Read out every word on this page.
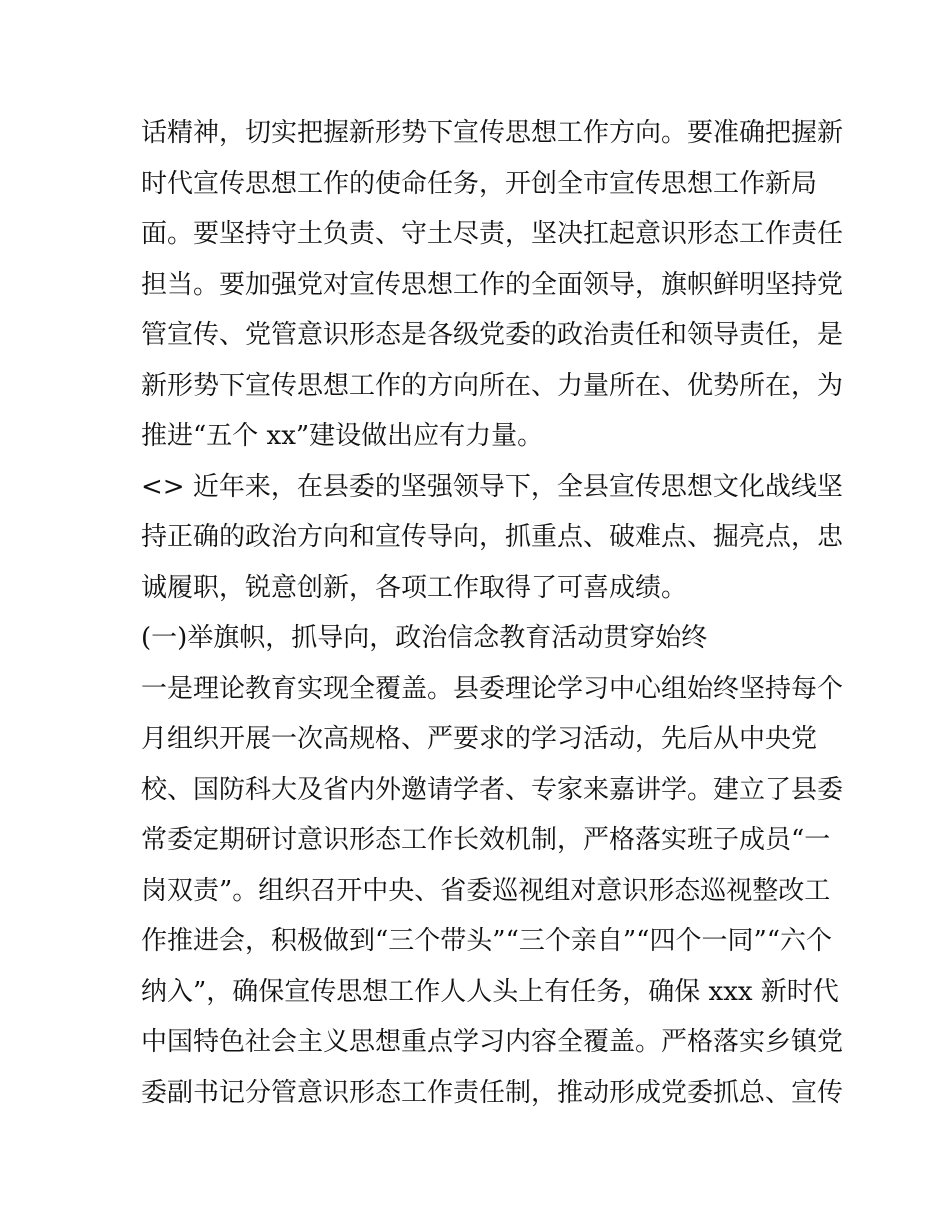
话精神，切实把握新形势下宣传思想工作方向。要准确把握新
时代宣传思想工作的使命任务，开创全市宣传思想工作新局
面。要坚持守土负责、守土尽责，坚决扛起意识形态工作责任
担当。要加强党对宣传思想工作的全面领导，旗帜鲜明坚持党
管宣传、党管意识形态是各级党委的政治责任和领导责任，是
新形势下宣传思想工作的方向所在、力量所在、优势所在，为
推进“五个 xx”建设做出应有力量。
<> 近年来，在县委的坚强领导下，全县宣传思想文化战线坚
持正确的政治方向和宣传导向，抓重点、破难点、掘亮点，忠
诚履职，锐意创新，各项工作取得了可喜成绩。
(一)举旗帜，抓导向，政治信念教育活动贯穿始终
一是理论教育实现全覆盖。县委理论学习中心组始终坚持每个
月组织开展一次高规格、严要求的学习活动，先后从中央党
校、国防科大及省内外邀请学者、专家来嘉讲学。建立了县委
常委定期研讨意识形态工作长效机制，严格落实班子成员“一
岗双责”。组织召开中央、省委巡视组对意识形态巡视整改工
作推进会，积极做到“三个带头”“三个亲自”“四个一同”“六个
纳入”，确保宣传思想工作人人头上有任务，确保 xxx 新时代
中国特色社会主义思想重点学习内容全覆盖。严格落实乡镇党
委副书记分管意识形态工作责任制，推动形成党委抓总、宣传
